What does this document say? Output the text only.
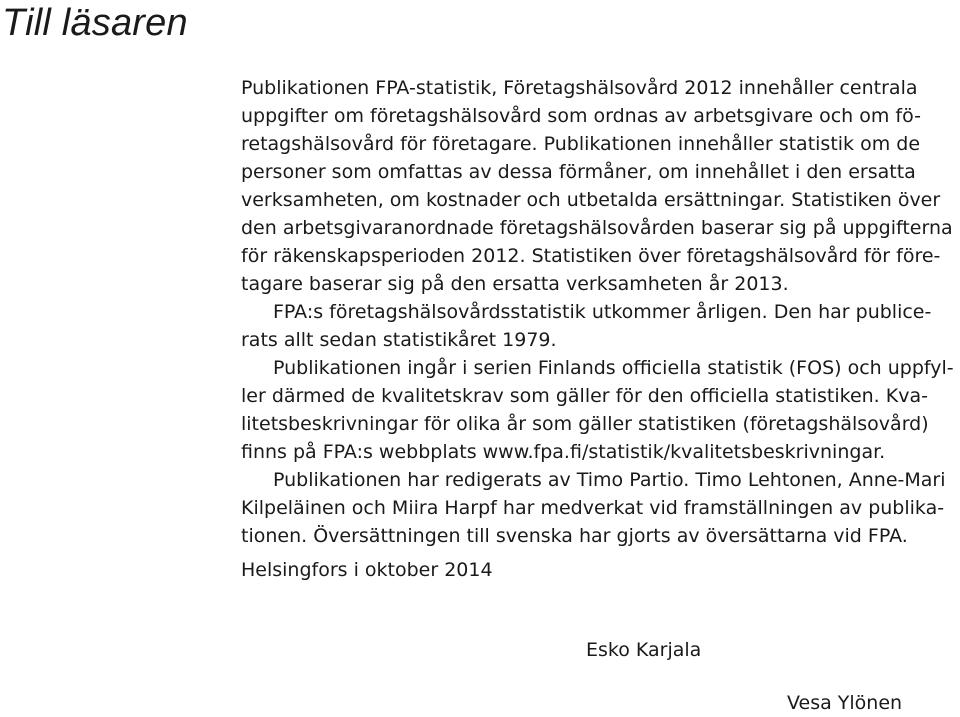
Till läsaren
Publikationen FPA-statistik, Företagshälsovård 2012 innehåller centrala
uppgifter om företagshälsovård som ordnas av arbetsgivare och om fö-
retagshälsovård för företagare. Publikationen innehåller statistik om de
personer som omfattas av dessa förmåner, om innehållet i den ersatta
verksamheten, om kostnader och utbetalda ersättningar. Statistiken över
den arbetsgivaranordnade företagshälsovården baserar sig på uppgifterna
för räkenskapsperioden 2012. Statistiken över företagshälsovård för före-
tagare baserar sig på den ersatta verksamheten år 2013.
FPA:s företagshälsovårdsstatistik utkommer årligen. Den har publice-
rats allt sedan statistikåret 1979.
Publikationen ingår i serien Finlands officiella statistik (FOS) och uppfyl-
ler därmed de kvalitetskrav som gäller för den officiella statistiken. Kva-
litetsbeskrivningar för olika år som gäller statistiken (företagshälsovård)
finns på FPA:s webbplats www.fpa.fi/statistik/kvalitetsbeskrivningar.
Publikationen har redigerats av Timo Partio. Timo Lehtonen, Anne-Mari
Kilpeläinen och Miira Harpf har medverkat vid framställningen av publika-
tionen. Översättningen till svenska har gjorts av översättarna vid FPA.
Helsingfors i oktober 2014
Esko Karjala
Vesa Ylönen
